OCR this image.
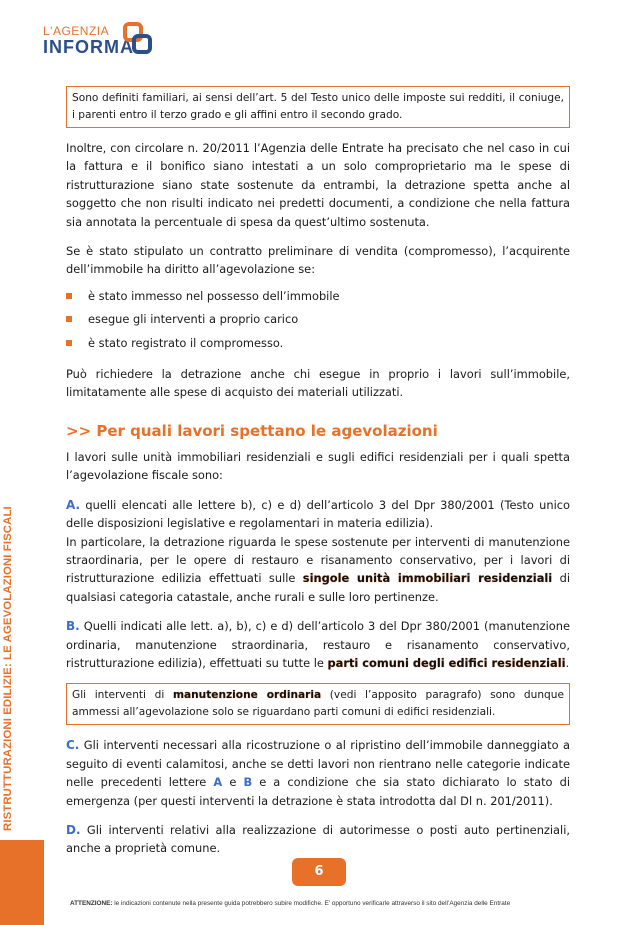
L'AGENZIA
INFORMA
RISTRUTTURAZIONI EDILIZIE: LE AGEVOLAZIONI FISCALI
Sono definiti familiari, ai sensi dell’art. 5 del Testo unico delle imposte sui redditi, il coniuge, i parenti entro il terzo grado e gli affini entro il secondo grado.

Inoltre, con circolare n. 20/2011 l’Agenzia delle Entrate ha precisato che nel caso in cui la fattura e il bonifico siano intestati a un solo comproprietario ma le spese di ristrutturazione siano state sostenute da entrambi, la detrazione spetta anche al soggetto che non risulti indicato nei predetti documenti, a condizione che nella fattura sia annotata la percentuale di spesa da quest’ultimo sostenuta.

Se è stato stipulato un contratto preliminare di vendita (compromesso), l’acquirente dell’immobile ha diritto all’agevolazione se:

è stato immesso nel possesso dell’immobile
esegue gli interventi a proprio carico
è stato registrato il compromesso.

Può richiedere la detrazione anche chi esegue in proprio i lavori sull’immobile, limitatamente alle spese di acquisto dei materiali utilizzati.

>> Per quali lavori spettano le agevolazioni

I lavori sulle unità immobiliari residenziali e sugli edifici residenziali per i quali spetta l’agevolazione fiscale sono:

A. quelli elencati alle lettere b), c) e d) dell’articolo 3 del Dpr 380/2001 (Testo unico delle disposizioni legislative e regolamentari in materia edilizia).
In particolare, la detrazione riguarda le spese sostenute per interventi di manutenzione straordinaria, per le opere di restauro e risanamento conservativo, per i lavori di ristrutturazione edilizia effettuati sulle singole unità immobiliari residenziali di qualsiasi categoria catastale, anche rurali e sulle loro pertinenze.

B. Quelli indicati alle lett. a), b), c) e d) dell’articolo 3 del Dpr 380/2001 (manutenzione ordinaria, manutenzione straordinaria, restauro e risanamento conservativo, ristrutturazione edilizia), effettuati su tutte le parti comuni degli edifici residenziali.

Gli interventi di manutenzione ordinaria (vedi l’apposito paragrafo) sono dunque ammessi all’agevolazione solo se riguardano parti comuni di edifici residenziali.

C. Gli interventi necessari alla ricostruzione o al ripristino dell’immobile danneggiato a seguito di eventi calamitosi, anche se detti lavori non rientrano nelle categorie indicate nelle precedenti lettere A e B e a condizione che sia stato dichiarato lo stato di emergenza (per questi interventi la detrazione è stata introdotta dal Dl n. 201/2011).

D. Gli interventi relativi alla realizzazione di autorimesse o posti auto pertinenziali, anche a proprietà comune.

6
ATTENZIONE: le indicazioni contenute nella presente guida potrebbero subire modifiche. E’ opportuno verificarle attraverso il sito dell’Agenzia delle Entrate
